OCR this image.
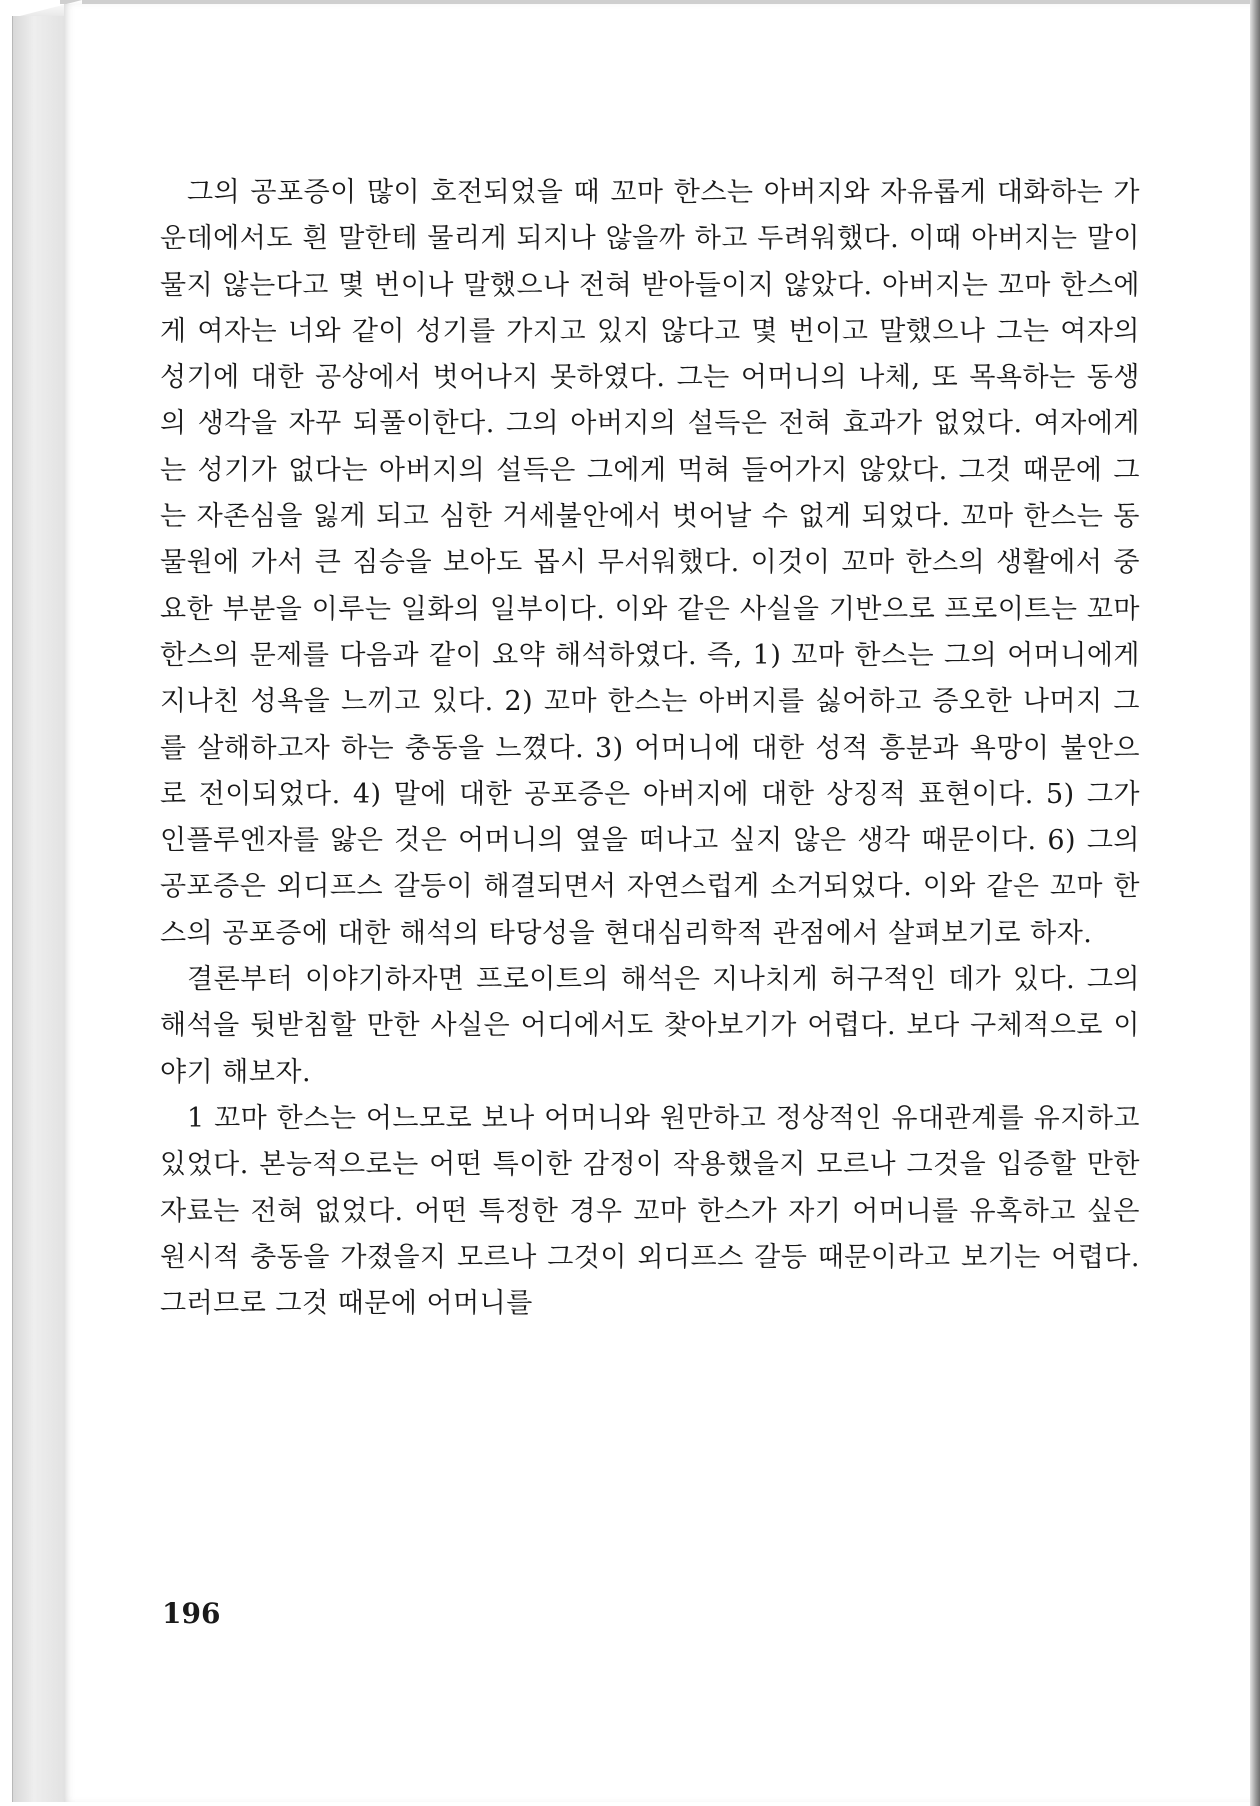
그의 공포증이 많이 호전되었을 때 꼬마 한스는 아버지와 자유롭게 대화하는 가운데에서도 흰 말한테 물리게 되지나 않을까 하고 두려워했다. 이때 아버지는 말이 물지 않는다고 몇 번이나 말했으나 전혀 받아들이지 않았다. 아버지는 꼬마 한스에게 여자는 너와 같이 성기를 가지고 있지 않다고 몇 번이고 말했으나 그는 여자의 성기에 대한 공상에서 벗어나지 못하였다. 그는 어머니의 나체, 또 목욕하는 동생의 생각을 자꾸 되풀이한다. 그의 아버지의 설득은 전혀 효과가 없었다. 여자에게는 성기가 없다는 아버지의 설득은 그에게 먹혀 들어가지 않았다. 그것 때문에 그는 자존심을 잃게 되고 심한 거세불안에서 벗어날 수 없게 되었다. 꼬마 한스는 동물원에 가서 큰 짐승을 보아도 몹시 무서워했다. 이것이 꼬마 한스의 생활에서 중요한 부분을 이루는 일화의 일부이다. 이와 같은 사실을 기반으로 프로이트는 꼬마 한스의 문제를 다음과 같이 요약 해석하였다. 즉, 1) 꼬마 한스는 그의 어머니에게 지나친 성욕을 느끼고 있다. 2) 꼬마 한스는 아버지를 싫어하고 증오한 나머지 그를 살해하고자 하는 충동을 느꼈다. 3) 어머니에 대한 성적 흥분과 욕망이 불안으로 전이되었다. 4) 말에 대한 공포증은 아버지에 대한 상징적 표현이다. 5) 그가 인플루엔자를 앓은 것은 어머니의 옆을 떠나고 싶지 않은 생각 때문이다. 6) 그의 공포증은 외디프스 갈등이 해결되면서 자연스럽게 소거되었다. 이와 같은 꼬마 한스의 공포증에 대한 해석의 타당성을 현대심리학적 관점에서 살펴보기로 하자.

결론부터 이야기하자면 프로이트의 해석은 지나치게 허구적인 데가 있다. 그의 해석을 뒷받침할 만한 사실은 어디에서도 찾아보기가 어렵다. 보다 구체적으로 이야기 해보자.

1 꼬마 한스는 어느모로 보나 어머니와 원만하고 정상적인 유대관계를 유지하고 있었다. 본능적으로는 어떤 특이한 감정이 작용했을지 모르나 그것을 입증할 만한 자료는 전혀 없었다. 어떤 특정한 경우 꼬마 한스가 자기 어머니를 유혹하고 싶은 원시적 충동을 가졌을지 모르나 그것이 외디프스 갈등 때문이라고 보기는 어렵다. 그러므로 그것 때문에 어머니를

196
